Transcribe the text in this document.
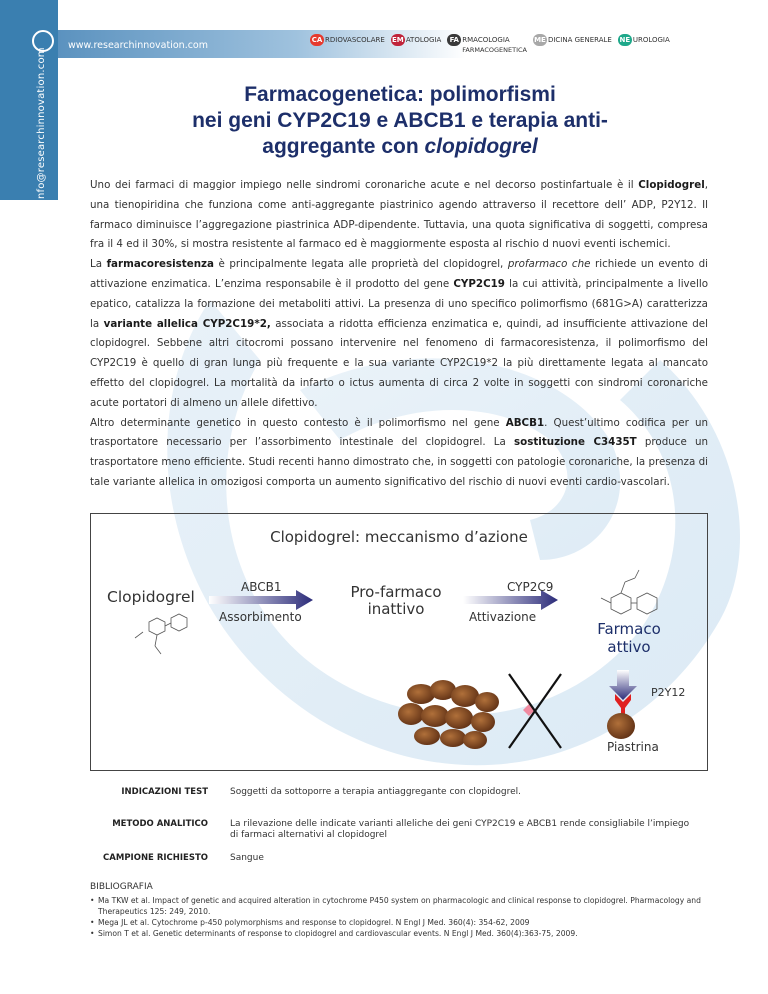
info@researchinnovation.com
www.researchinnovation.com	CA RDIOVASCOLARE EM ATOLOGIA	FA RMACOLOGIA
FARMACOGENETICA
ME DICINA GENERALE NE UROLOGIA
Farmacogenetica: polimorfismi
nei geni CYP2C19 e ABCB1 e terapia anti-
aggregante con clopidogrel

Uno dei farmaci di maggior impiego nelle sindromi coronariche acute e nel decorso postinfartuale è il Clopidogrel, una tienopiridina che funziona come anti-aggregante piastrinico agendo attraverso il recettore dell’ ADP, P2Y12. Il farmaco diminuisce l’aggregazione piastrinica ADP-dipendente. Tuttavia, una quota significativa di soggetti, compresa fra il 4 ed il 30%, si mostra resistente al farmaco ed è maggiormente esposta al rischio d nuovi eventi ischemici.

La farmacoresistenza è principalmente legata alle proprietà del clopidogrel, profarmaco che richiede un evento di attivazione enzimatica. L’enzima responsabile è il prodotto del gene CYP2C19 la cui attività, principalmente a livello epatico, catalizza la formazione dei metaboliti attivi. La presenza di uno specifico polimorfismo (681G>A) caratterizza la variante allelica CYP2C19*2, associata a ridotta efficienza enzimatica e, quindi, ad insufficiente attivazione del clopidogrel. Sebbene altri citocromi possano intervenire nel fenomeno di farmacoresistenza, il polimorfismo del CYP2C19 è quello di gran lunga più frequente e la sua variante CYP2C19*2 la più direttamente legata al mancato effetto del clopidogrel. La mortalità da infarto o ictus aumenta di circa 2 volte in soggetti con sindromi coronariche acute portatori di almeno un allele difettivo.

Altro determinante genetico in questo contesto è il polimorfismo nel gene ABCB1. Quest’ultimo codifica per un trasportatore necessario per l’assorbimento intestinale del clopidogrel. La sostituzione C3435T produce un trasportatore meno efficiente. Studi recenti hanno dimostrato che, in soggetti con patologie coronariche, la presenza di tale variante allelica in omozigosi comporta un aumento significativo del rischio di nuovi eventi cardio-vascolari.

Clopidogrel: meccanismo d’azione
Clopidogrel
ABCB1
Assorbimento
Pro-farmaco
inattivo
CYP2C9
Attivazione
Farmaco
attivo
P2Y12
Piastrina
INDICAZIONI TEST Soggetti da sottoporre a terapia antiaggregante con clopidogrel.
METODO ANALITICO La rilevazione delle indicate varianti alleliche dei geni CYP2C19 e ABCB1 rende consigliabile l’impiego di farmaci alternativi al clopidogrel
CAMPIONE RICHIESTO Sangue
BIBLIOGRAFIA
• Ma TKW et al. Impact of genetic and acquired alteration in cytochrome P450 system on pharmacologic and clinical response to clopidogrel. Pharmacology and Therapeutics 125: 249, 2010.
• Mega JL et al. Cytochrome p-450 polymorphisms and response to clopidogrel. N Engl J Med. 360(4): 354-62, 2009
• Simon T et al. Genetic determinants of response to clopidogrel and cardiovascular events. N Engl J Med. 360(4):363-75, 2009.
